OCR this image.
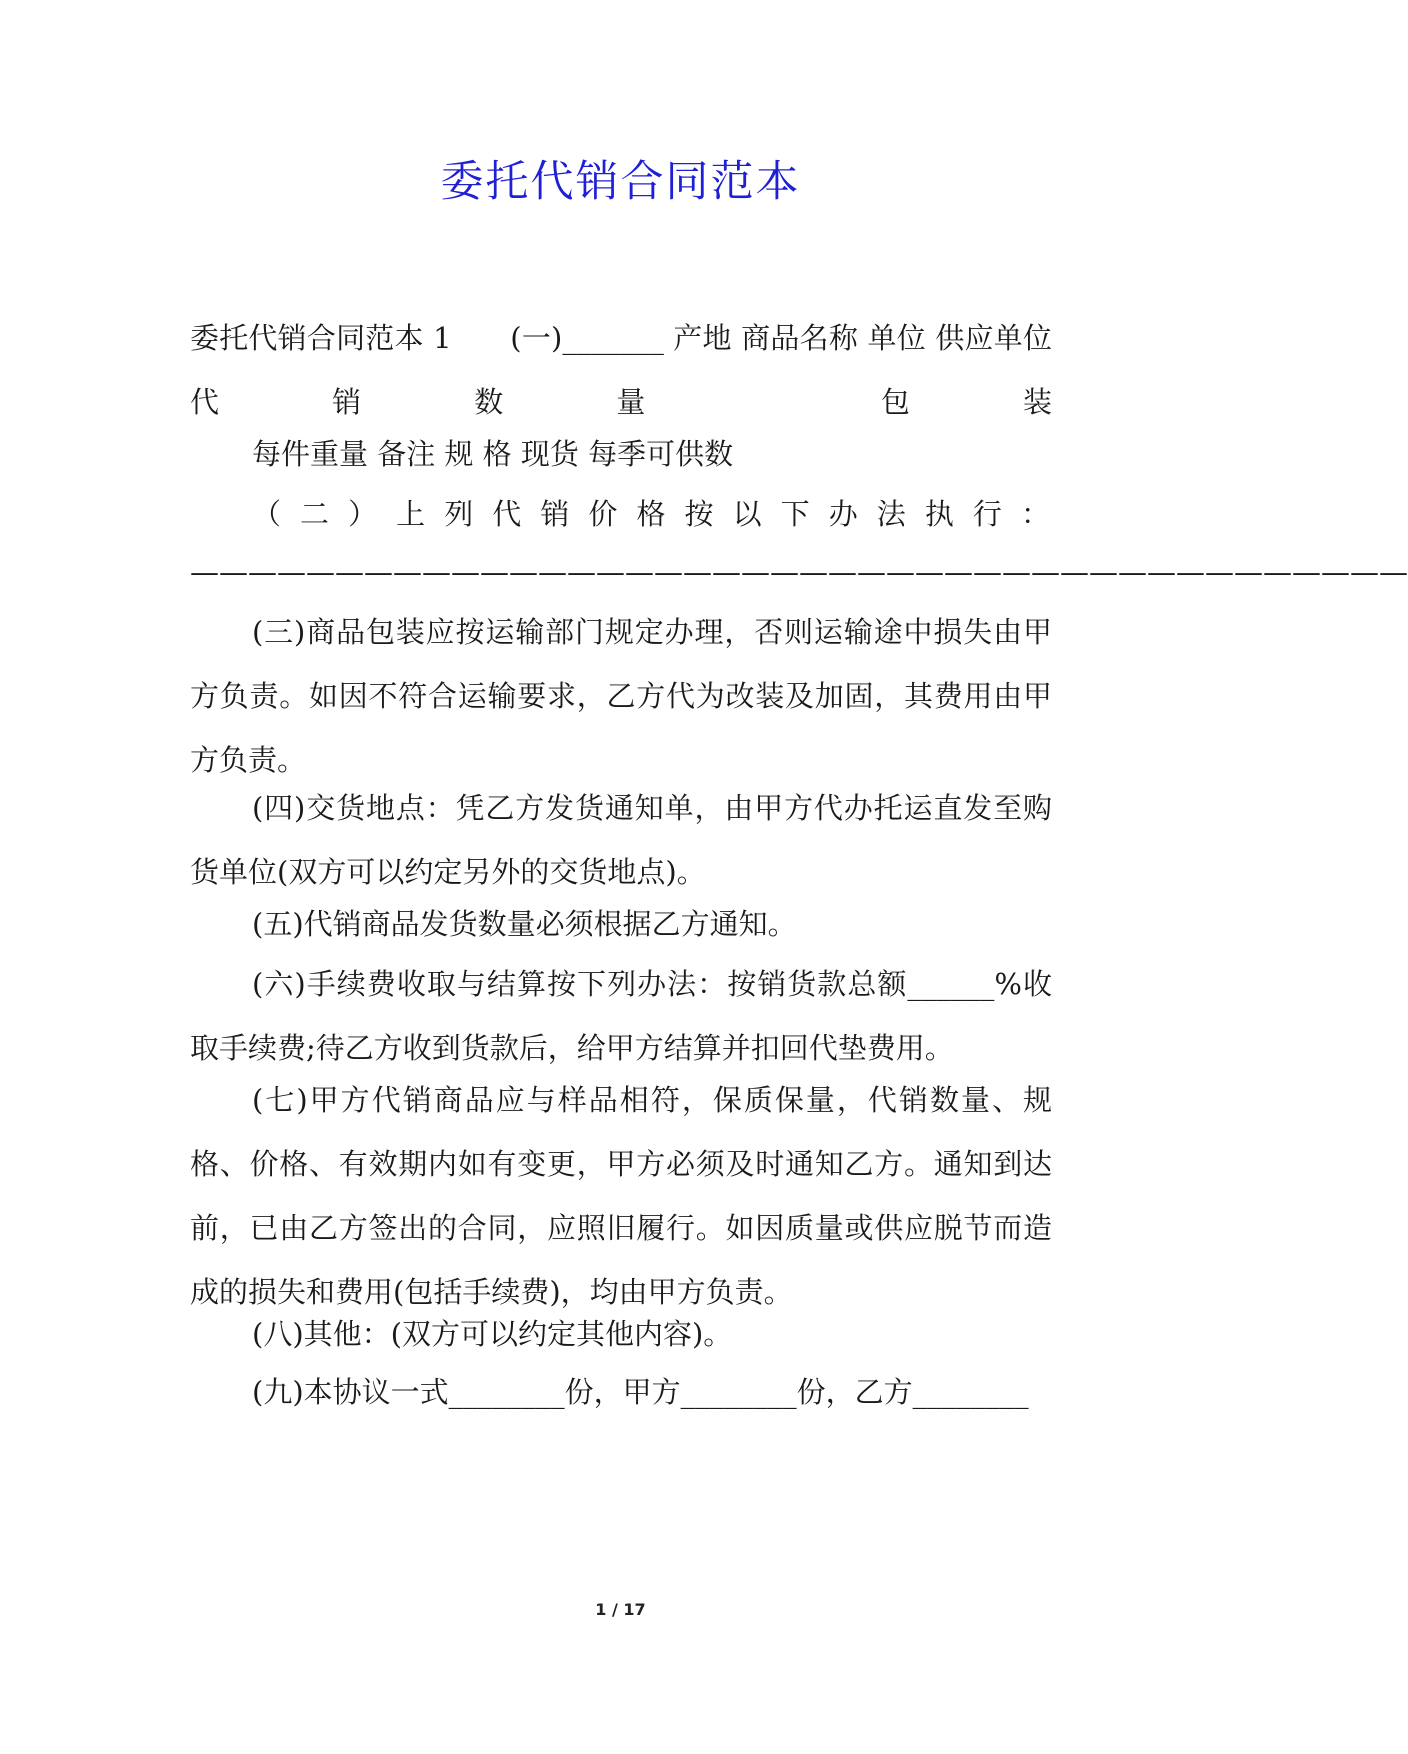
委托代销合同范本

委托代销合同范本 1　　(一)_______ 产地 商品名称 单位 供应单位 代销数量 包装

每件重量 备注 规 格 现货 每季可供数

（二）上列代销价格按以下办法执行：

——————————————————————————————————————————

(三)商品包装应按运输部门规定办理，否则运输途中损失由甲方负责。如因不符合运输要求，乙方代为改装及加固，其费用由甲方负责。

(四)交货地点：凭乙方发货通知单，由甲方代办托运直发至购货单位(双方可以约定另外的交货地点)。

(五)代销商品发货数量必须根据乙方通知。

(六)手续费收取与结算按下列办法：按销货款总额______%收取手续费;待乙方收到货款后，给甲方结算并扣回代垫费用。

(七)甲方代销商品应与样品相符，保质保量，代销数量、规格、价格、有效期内如有变更，甲方必须及时通知乙方。通知到达前，已由乙方签出的合同，应照旧履行。如因质量或供应脱节而造成的损失和费用(包括手续费)，均由甲方负责。

(八)其他：(双方可以约定其他内容)。

(九)本协议一式________份，甲方________份，乙方________

1 / 17
